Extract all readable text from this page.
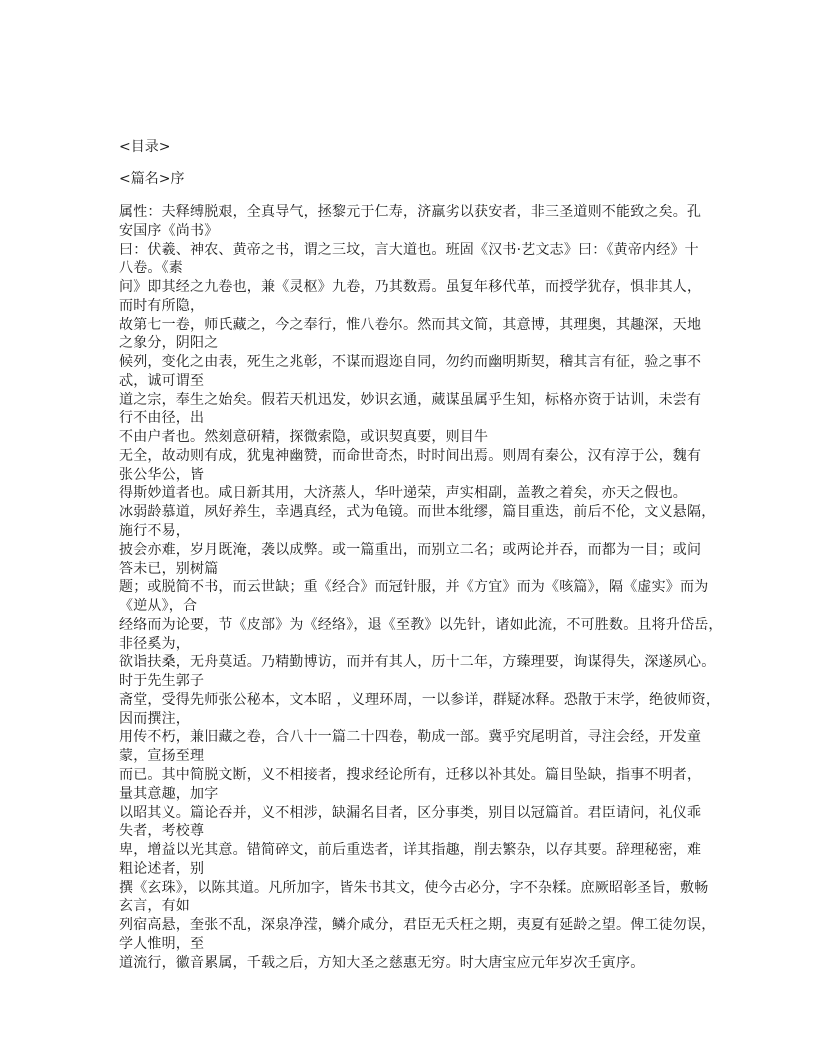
<目录>
<篇名>序
属性：夫释缚脱艰，全真导气，拯黎元于仁寿，济羸劣以获安者，非三圣道则不能致之矣。孔
安国序《尚书》
曰：伏羲、神农、黄帝之书，谓之三坟，言大道也。班固《汉书·艺文志》曰：《黄帝内经》十
八卷。《素
问》即其经之九卷也，兼《灵枢》九卷，乃其数焉。虽复年移代革，而授学犹存，惧非其人，
而时有所隐，
故第七一卷，师氏藏之，今之奉行，惟八卷尔。然而其文简，其意博，其理奥，其趣深，天地
之象分，阴阳之
候列，变化之由表，死生之兆彰，不谋而遐迩自同，勿约而幽明斯契，稽其言有征，验之事不
忒，诚可谓至
道之宗，奉生之始矣。假若天机迅发，妙识玄通，蒇谋虽属乎生知，标格亦资于诂训，未尝有
行不由径，出
不由户者也。然刻意研精，探微索隐，或识契真要，则目牛
无全，故动则有成，犹鬼神幽赞，而命世奇杰，时时间出焉。则周有秦公，汉有淳于公，魏有
张公华公，皆
得斯妙道者也。咸日新其用，大济蒸人，华叶递荣，声实相副，盖教之着矣，亦天之假也。
冰弱龄慕道，夙好养生，幸遇真经，式为龟镜。而世本纰缪，篇目重迭，前后不伦，文义悬隔，
施行不易，
披会亦难，岁月既淹，袭以成弊。或一篇重出，而别立二名；或两论并吞，而都为一目；或问
答未已，别树篇
题；或脱简不书，而云世缺；重《经合》而冠针服，并《方宜》而为《咳篇》，隔《虚实》而为
《逆从》，合
经络而为论要，节《皮部》为《经络》，退《至教》以先针，诸如此流，不可胜数。且将升岱岳，
非径奚为，
欲诣扶桑，无舟莫适。乃精勤博访，而并有其人，历十二年，方臻理要，询谋得失，深遂夙心。
时于先生郭子
斋堂，受得先师张公秘本，文本昭 ，义理环周，一以参详，群疑冰释。恐散于末学，绝彼师资，
因而撰注，
用传不朽，兼旧藏之卷，合八十一篇二十四卷，勒成一部。冀乎究尾明首，寻注会经，开发童
蒙，宣扬至理
而已。其中简脱文断，义不相接者，搜求经论所有，迁移以补其处。篇目坠缺，指事不明者，
量其意趣，加字
以昭其义。篇论吞并，义不相涉，缺漏名目者，区分事类，别目以冠篇首。君臣请问，礼仪乖
失者，考校尊
卑，增益以光其意。错简碎文，前后重迭者，详其指趣，削去繁杂，以存其要。辞理秘密，难
粗论述者，别
撰《玄珠》，以陈其道。凡所加字，皆朱书其文，使今古必分，字不杂糅。庶厥昭彰圣旨，敷畅
玄言，有如
列宿高悬，奎张不乱，深泉净滢，鳞介咸分，君臣无夭枉之期，夷夏有延龄之望。俾工徒勿误，
学人惟明，至
道流行，徽音累属，千载之后，方知大圣之慈惠无穷。时大唐宝应元年岁次壬寅序。
